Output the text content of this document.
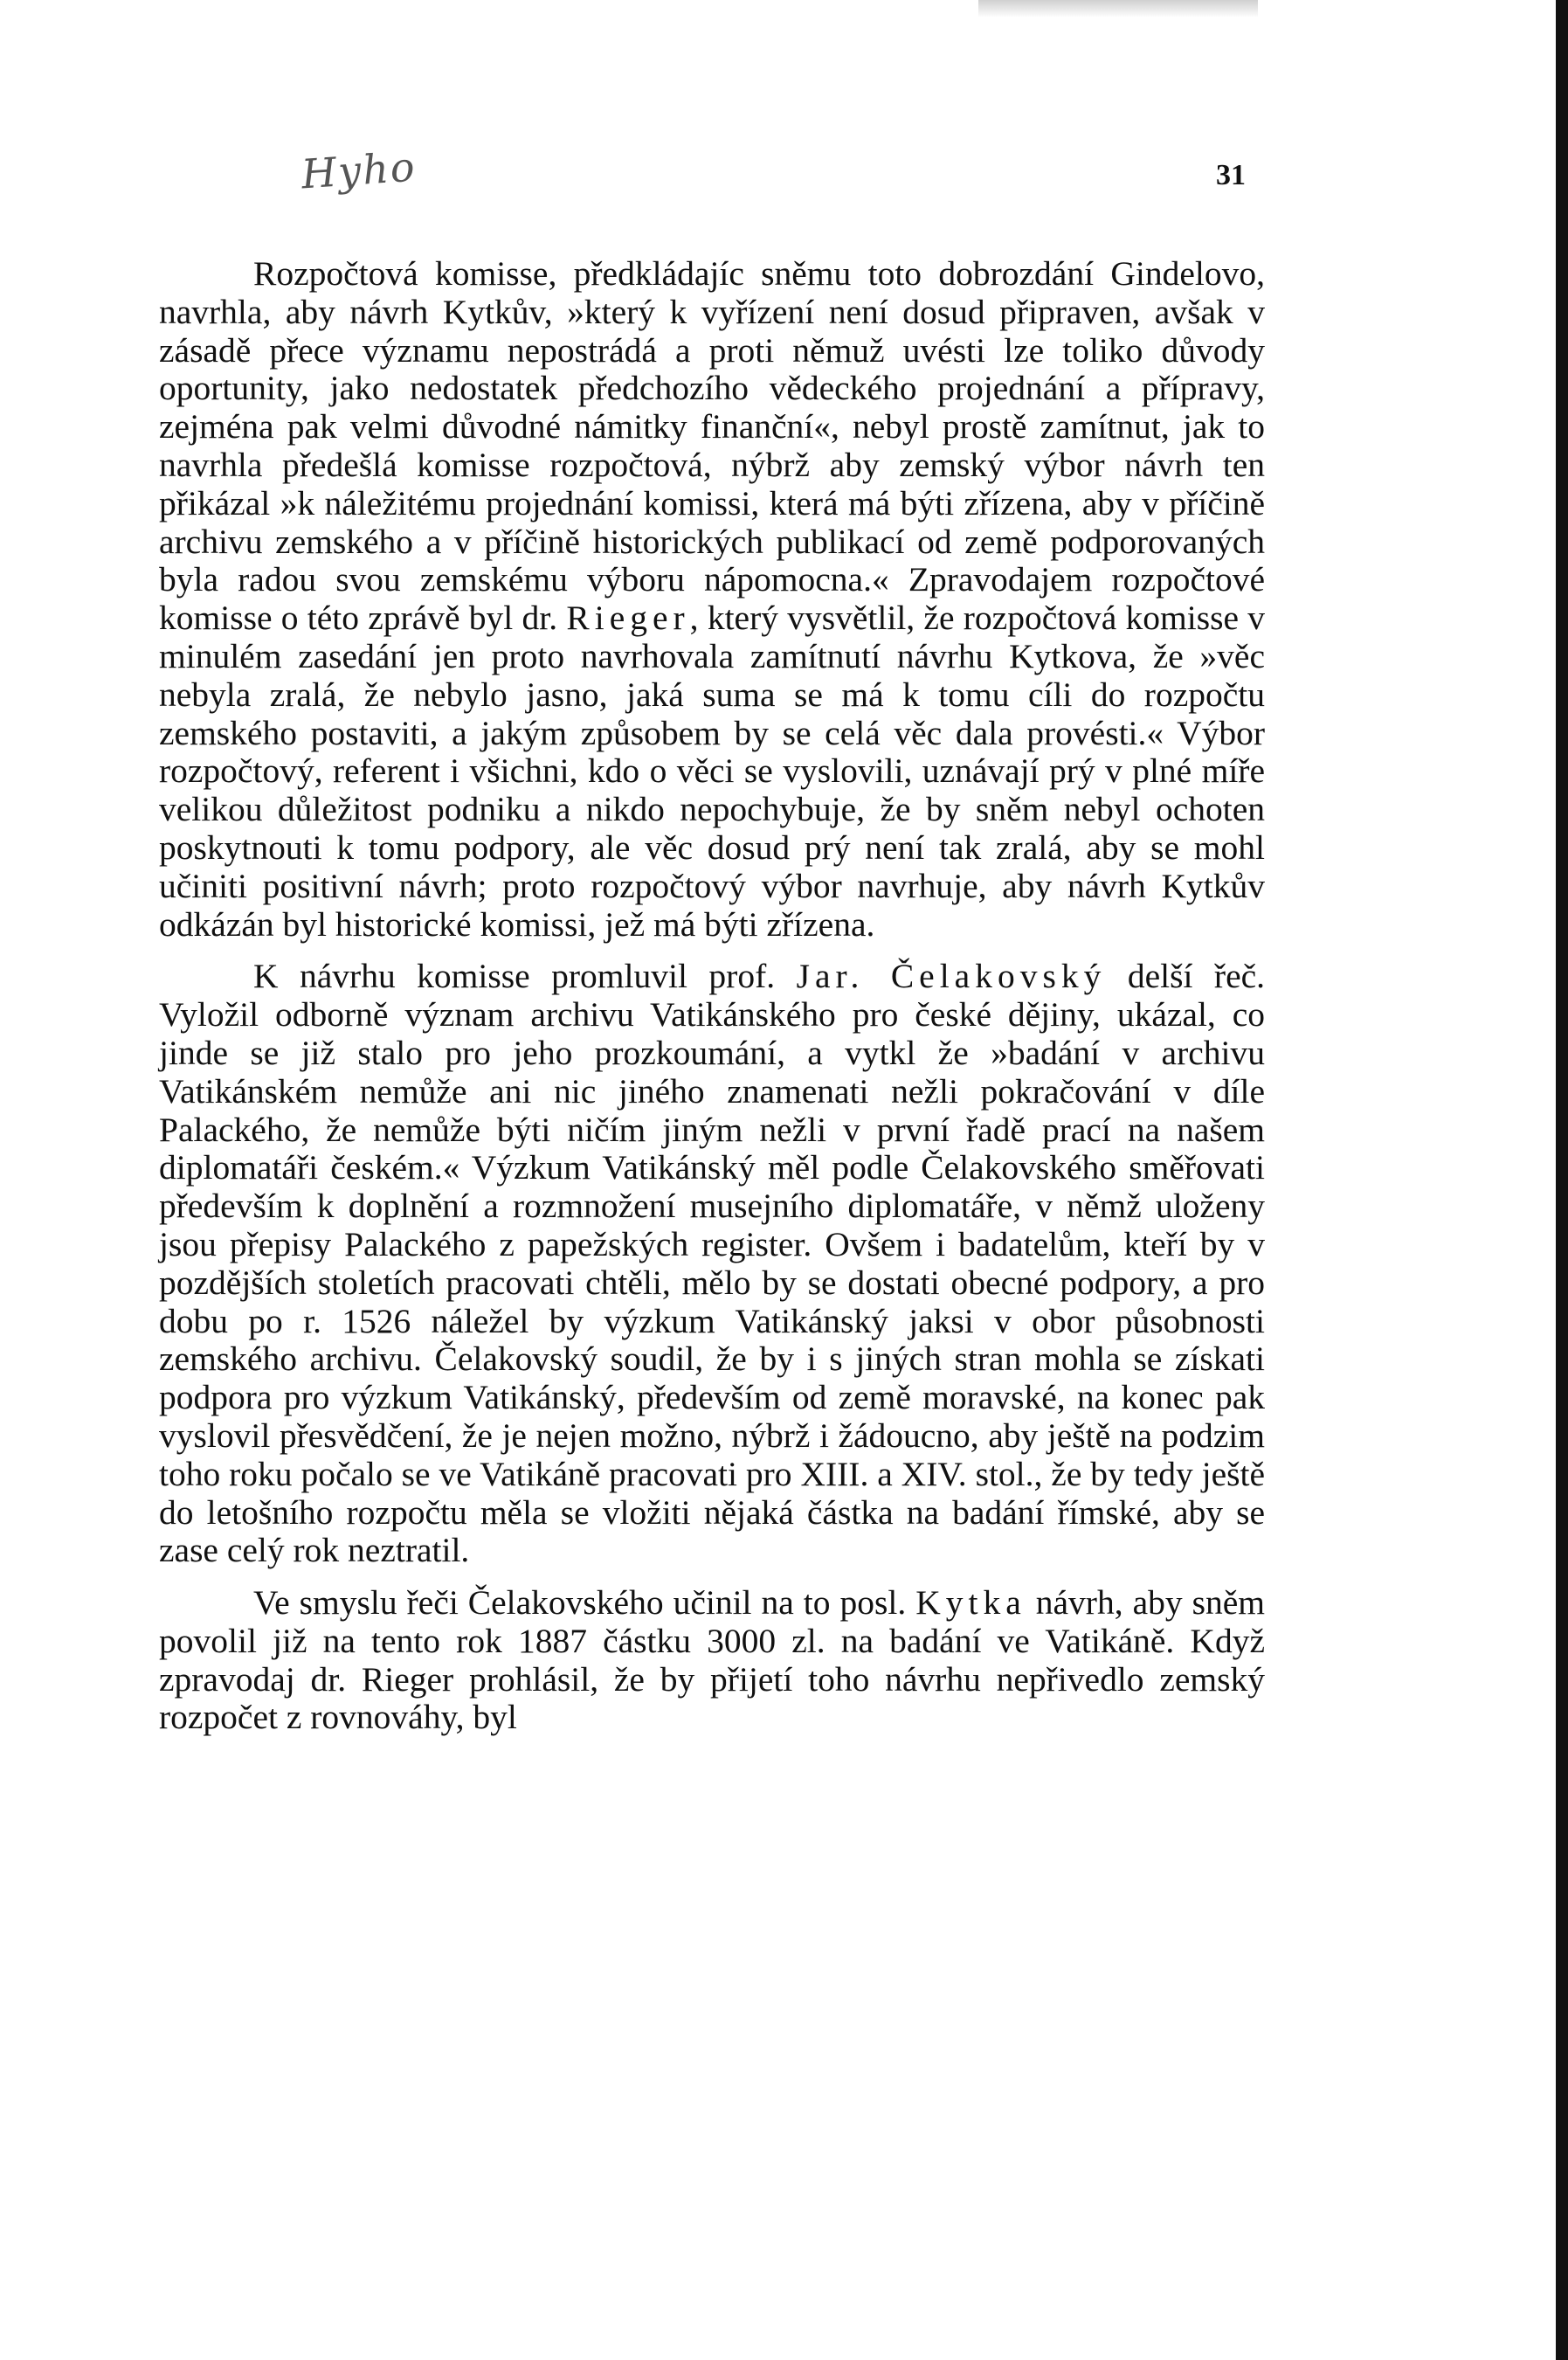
Hyho	31

Rozpočtová komisse, předkládajíc sněmu toto dobrozdání Gindelovo, navrhla, aby návrh Kytkův, »který k vyřízení není dosud připraven, avšak v zásadě přece významu nepostrádá a proti němuž uvésti lze toliko důvody oportunity, jako nedostatek předchozího vědeckého projednání a přípravy, zejména pak velmi důvodné námitky finanční«, nebyl prostě zamítnut, jak to navrhla předešlá komisse rozpočtová, nýbrž aby zemský výbor návrh ten přikázal »k náležitému projednání komissi, která má býti zřízena, aby v příčině archivu zemského a v příčině historických publikací od země podporovaných byla radou svou zemskému výboru nápomocna.« Zpravodajem rozpočtové komisse o této zprávě byl dr. Rieger, který vysvětlil, že rozpočtová komisse v minulém zasedání jen proto navrhovala zamítnutí návrhu Kytkova, že »věc nebyla zralá, že nebylo jasno, jaká suma se má k tomu cíli do rozpočtu zemského postaviti, a jakým způsobem by se celá věc dala provésti.« Výbor rozpočtový, referent i všichni, kdo o věci se vyslovili, uznávají prý v plné míře velikou důležitost podniku a nikdo nepochybuje, že by sněm nebyl ochoten poskytnouti k tomu podpory, ale věc dosud prý není tak zralá, aby se mohl učiniti positivní návrh; proto rozpočtový výbor navrhuje, aby návrh Kytkův odkázán byl historické komissi, jež má býti zřízena.

K návrhu komisse promluvil prof. Jar. Čelakovský delší řeč. Vyložil odborně význam archivu Vatikánského pro české dějiny, ukázal, co jinde se již stalo pro jeho prozkoumání, a vytkl že »badání v archivu Vatikánském nemůže ani nic jiného znamenati nežli pokračování v díle Palackého, že nemůže býti ničím jiným nežli v první řadě prací na našem diplomatáři českém.« Výzkum Vatikánský měl podle Čelakovského směřovati především k doplnění a rozmnožení musejního diplomatáře, v němž uloženy jsou přepisy Palackého z papežských register. Ovšem i badatelům, kteří by v pozdějších stoletích pracovati chtěli, mělo by se dostati obecné podpory, a pro dobu po r. 1526 náležel by výzkum Vatikánský jaksi v obor působnosti zemského archivu. Čelakovský soudil, že by i s jiných stran mohla se získati podpora pro výzkum Vatikánský, především od země moravské, na konec pak vyslovil přesvědčení, že je nejen možno, nýbrž i žádoucno, aby ještě na podzim toho roku počalo se ve Vatikáně pracovati pro XIII. a XIV. stol., že by tedy ještě do letošního rozpočtu měla se vložiti nějaká částka na badání římské, aby se zase celý rok neztratil.

Ve smyslu řeči Čelakovského učinil na to posl. Kytka návrh, aby sněm povolil již na tento rok 1887 částku 3000 zl. na badání ve Vatikáně. Když zpravodaj dr. Rieger prohlásil, že by přijetí toho návrhu nepřivedlo zemský rozpočet z rovnováhy, byl
